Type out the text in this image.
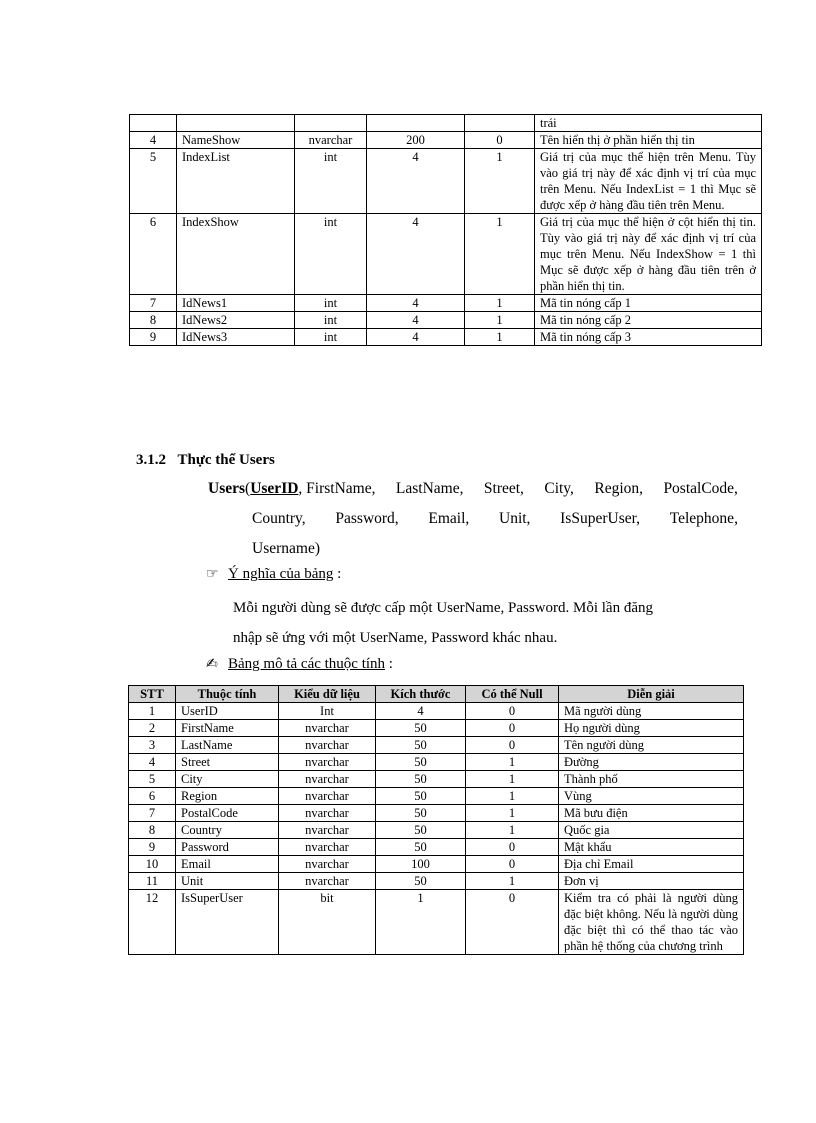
					trái
4	NameShow	nvarchar	200	0	Tên hiển thị ở phần hiển thị tin
5	IndexList	int	4	1	Giá trị của mục thể hiện trên Menu. Tùy vào giá trị này để xác định vị trí của mục trên Menu. Nếu IndexList = 1 thì Mục sẽ được xếp ở hàng đầu tiên trên Menu.
6	IndexShow	int	4	1	Giá trị của mục thể hiện ở cột hiển thị tin. Tùy vào giá trị này để xác định vị trí của mục trên Menu. Nếu IndexShow = 1 thì Mục sẽ được xếp ở hàng đầu tiên trên ở phần hiển thị tin.
7	IdNews1	int	4	1	Mã tin nóng cấp 1
8	IdNews2	int	4	1	Mã tin nóng cấp 2
9	IdNews3	int	4	1	Mã tin nóng cấp 3
3.1.2 Thực thể Users
Users(UserID, FirstName, LastName, Street, City, Region, PostalCode,
Country, Password, Email, Unit, IsSuperUser, Telephone,
Username)
☞ Ý nghĩa của bảng :
Mỗi người dùng sẽ được cấp một UserName, Password. Mỗi lần đăng
nhập sẽ ứng với một UserName, Password khác nhau.
✍ Bảng mô tả các thuộc tính :
STT	Thuộc tính	Kiểu dữ liệu	Kích thước	Có thể Null	Diễn giải
1	UserID	Int	4	0	Mã người dùng
2	FirstName	nvarchar	50	0	Họ người dùng
3	LastName	nvarchar	50	0	Tên người dùng
4	Street	nvarchar	50	1	Đường
5	City	nvarchar	50	1	Thành phố
6	Region	nvarchar	50	1	Vùng
7	PostalCode	nvarchar	50	1	Mã bưu điện
8	Country	nvarchar	50	1	Quốc gia
9	Password	nvarchar	50	0	Mật khẩu
10	Email	nvarchar	100	0	Địa chỉ Email
11	Unit	nvarchar	50	1	Đơn vị
12	IsSuperUser	bit	1	0	Kiểm tra có phải là người dùng đặc biệt không. Nếu là người dùng đặc biệt thì có thể thao tác vào phần hệ thống của chương trình
